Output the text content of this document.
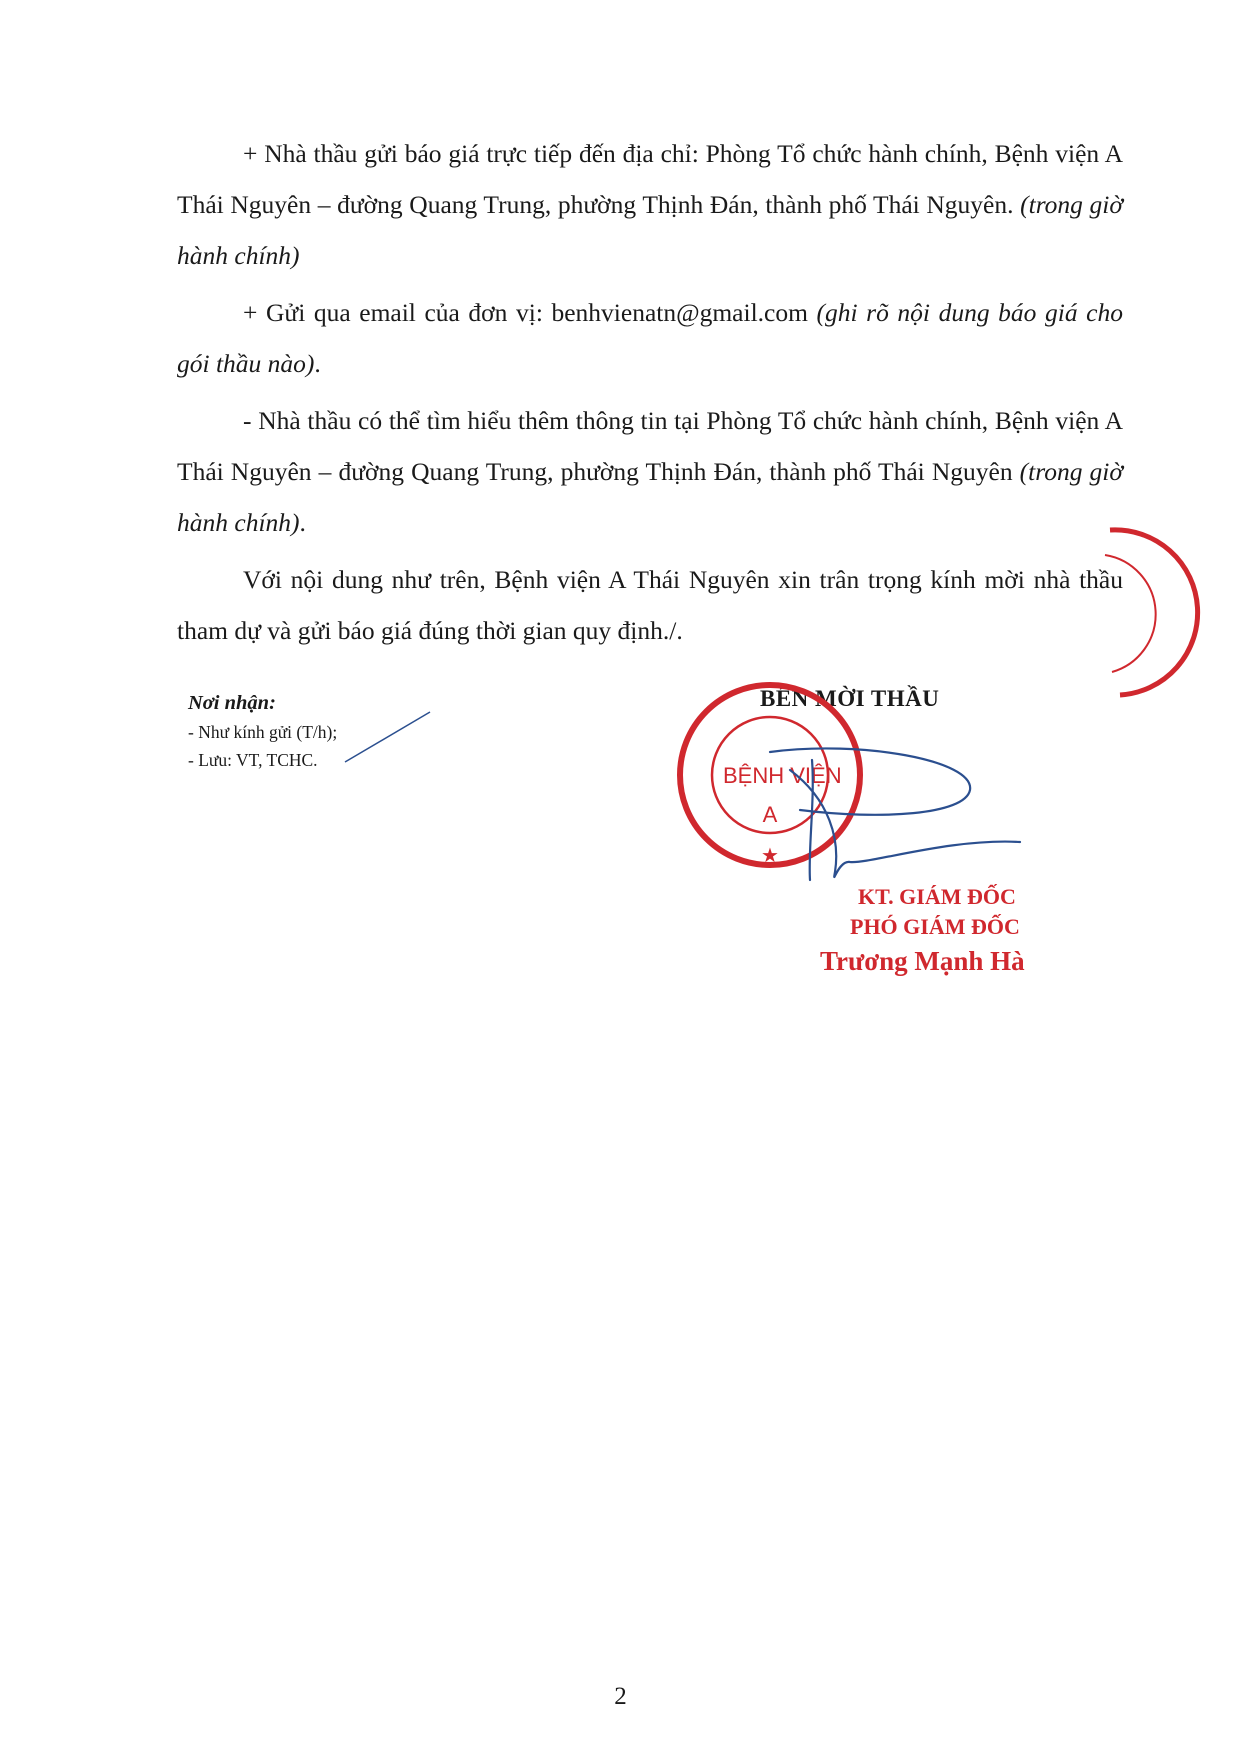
+ Nhà thầu gửi báo giá trực tiếp đến địa chỉ: Phòng Tổ chức hành chính, Bệnh viện A Thái Nguyên – đường Quang Trung, phường Thịnh Đán, thành phố Thái Nguyên. (trong giờ hành chính)

+ Gửi qua email của đơn vị: benhvienatn@gmail.com (ghi rõ nội dung báo giá cho gói thầu nào).

- Nhà thầu có thể tìm hiểu thêm thông tin tại Phòng Tổ chức hành chính, Bệnh viện A Thái Nguyên – đường Quang Trung, phường Thịnh Đán, thành phố Thái Nguyên (trong giờ hành chính).

Với nội dung như trên, Bệnh viện A Thái Nguyên xin trân trọng kính mời nhà thầu tham dự và gửi báo giá đúng thời gian quy định./.

Nơi nhận:
- Như kính gửi (T/h);
- Lưu: VT, TCHC.
BÊN MỜI THẦU
BỆNH VIỆN
A
★
KT. GIÁM ĐỐC
PHÓ GIÁM ĐỐC
Trương Mạnh Hà
2
